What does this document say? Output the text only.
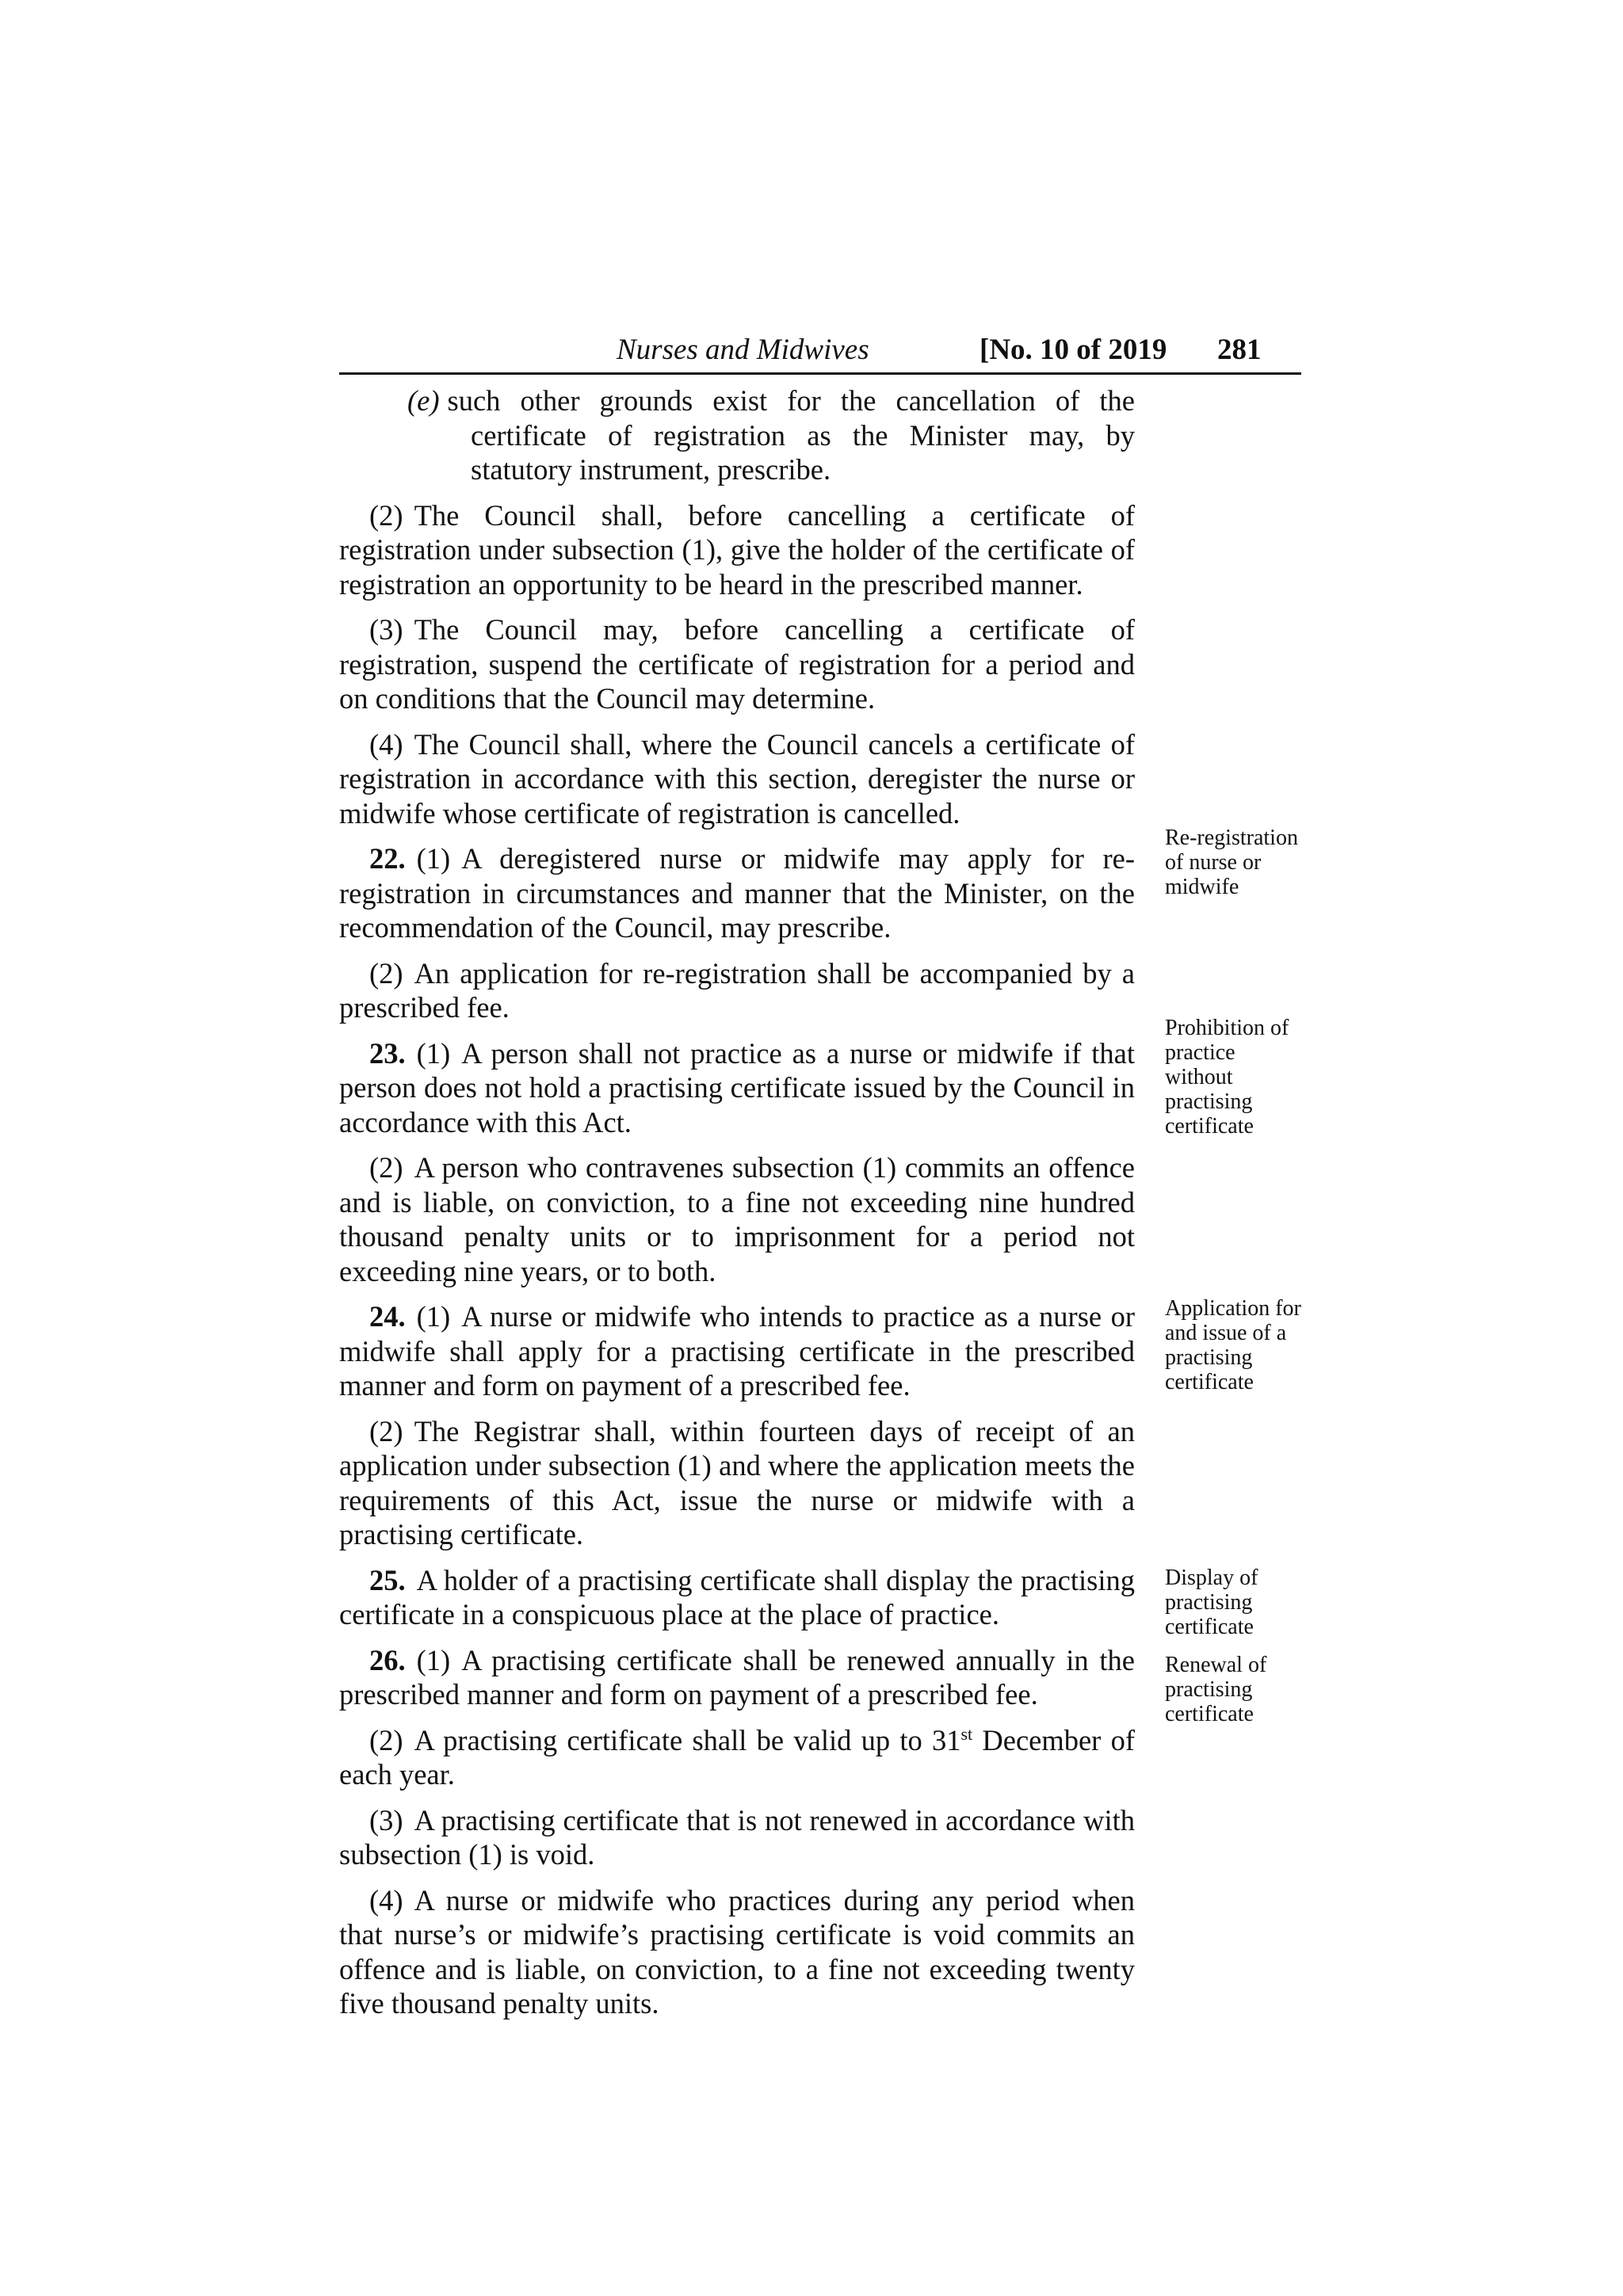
Nurses and Midwives	[No. 10 of 2019 281

(e) such other grounds exist for the cancellation of the certificate of registration as the Minister may, by statutory instrument, prescribe.

(2) The Council shall, before cancelling a certificate of registration under subsection (1), give the holder of the certificate of registration an opportunity to be heard in the prescribed manner.

(3) The Council may, before cancelling a certificate of registration, suspend the certificate of registration for a period and on conditions that the Council may determine.

(4) The Council shall, where the Council cancels a certificate of registration in accordance with this section, deregister the nurse or midwife whose certificate of registration is cancelled.

22. (1) A deregistered nurse or midwife may apply for re-registration in circumstances and manner that the Minister, on the recommendation of the Council, may prescribe.

(2) An application for re-registration shall be accompanied by a prescribed fee.

23. (1) A person shall not practice as a nurse or midwife if that person does not hold a practising certificate issued by the Council in accordance with this Act.

(2) A person who contravenes subsection (1) commits an offence and is liable, on conviction, to a fine not exceeding nine hundred thousand penalty units or to imprisonment for a period not exceeding nine years, or to both.

24. (1) A nurse or midwife who intends to practice as a nurse or midwife shall apply for a practising certificate in the prescribed manner and form on payment of a prescribed fee.

(2) The Registrar shall, within fourteen days of receipt of an application under subsection (1) and where the application meets the requirements of this Act, issue the nurse or midwife with a practising certificate.

25. A holder of a practising certificate shall display the practising certificate in a conspicuous place at the place of practice.

26. (1) A practising certificate shall be renewed annually in the prescribed manner and form on payment of a prescribed fee.

(2) A practising certificate shall be valid up to 31st December of each year.

(3) A practising certificate that is not renewed in accordance with subsection (1) is void.

(4) A nurse or midwife who practices during any period when that nurse’s or midwife’s practising certificate is void commits an offence and is liable, on conviction, to a fine not exceeding twenty five thousand penalty units.

Re-registration of nurse or midwife
Prohibition of practice without practising certificate
Application for and issue of a practising certificate
Display of practising certificate
Renewal of practising certificate
